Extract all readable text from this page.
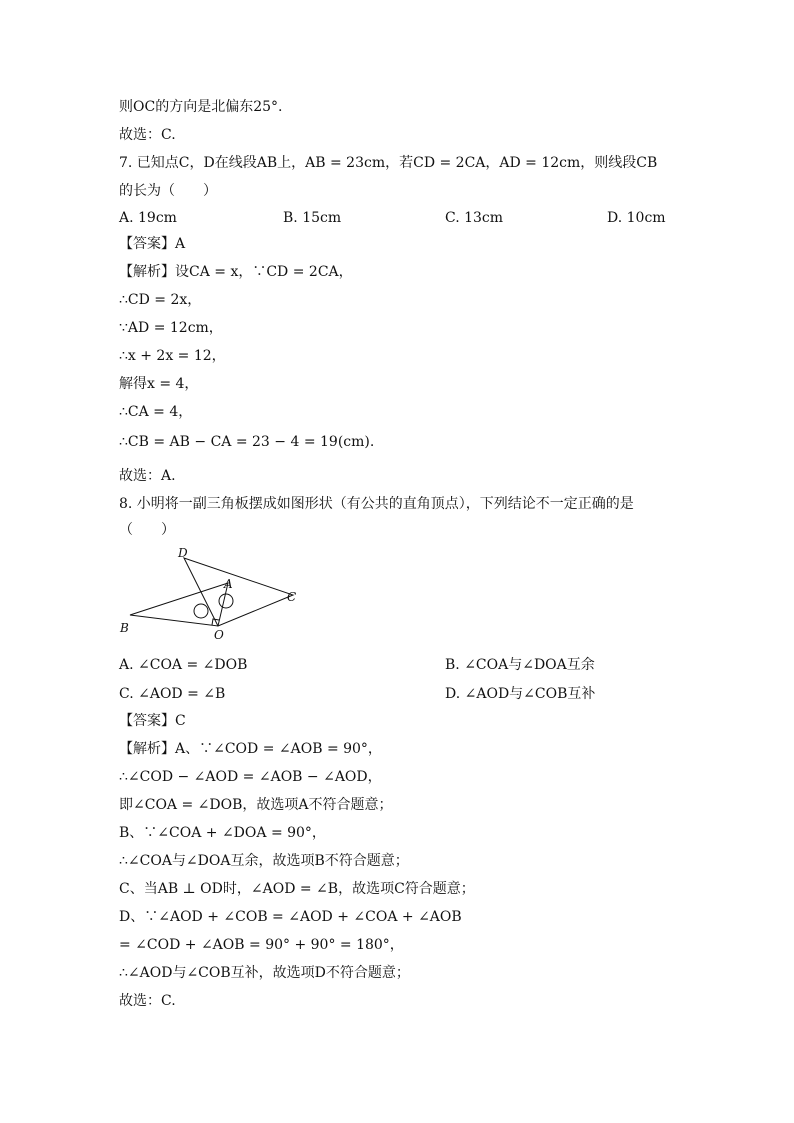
则OC的方向是北偏东25°.
故选：C.
7. 已知点C，D在线段AB上，AB = 23cm，若CD = 2CA，AD = 12cm，则线段CB
的长为（　　）
A. 19cm	B. 15cm	C. 13cm	D. 10cm
【答案】A
【解析】设CA = x，∵CD = 2CA，
∴CD = 2x，
∵AD = 12cm，
∴x + 2x = 12，
解得x = 4，
∴CA = 4，
∴CB = AB − CA = 23 − 4 = 19(cm).
故选：A.
8. 小明将一副三角板摆成如图形状（有公共的直角顶点），下列结论不一定正确的是
（　　）
D
A
C
B	O
A. ∠COA = ∠DOB	B. ∠COA与∠DOA互余
C. ∠AOD = ∠B	D. ∠AOD与∠COB互补
【答案】C
【解析】A、∵∠COD = ∠AOB = 90°，
∴∠COD − ∠AOD = ∠AOB − ∠AOD，
即∠COA = ∠DOB，故选项A不符合题意；
B、∵∠COA + ∠DOA = 90°，
∴∠COA与∠DOA互余，故选项B不符合题意；
C、当AB ⊥ OD时，∠AOD = ∠B，故选项C符合题意；
D、∵∠AOD + ∠COB = ∠AOD + ∠COA + ∠AOB
= ∠COD + ∠AOB = 90° + 90° = 180°，
∴∠AOD与∠COB互补，故选项D不符合题意；
故选：C.
